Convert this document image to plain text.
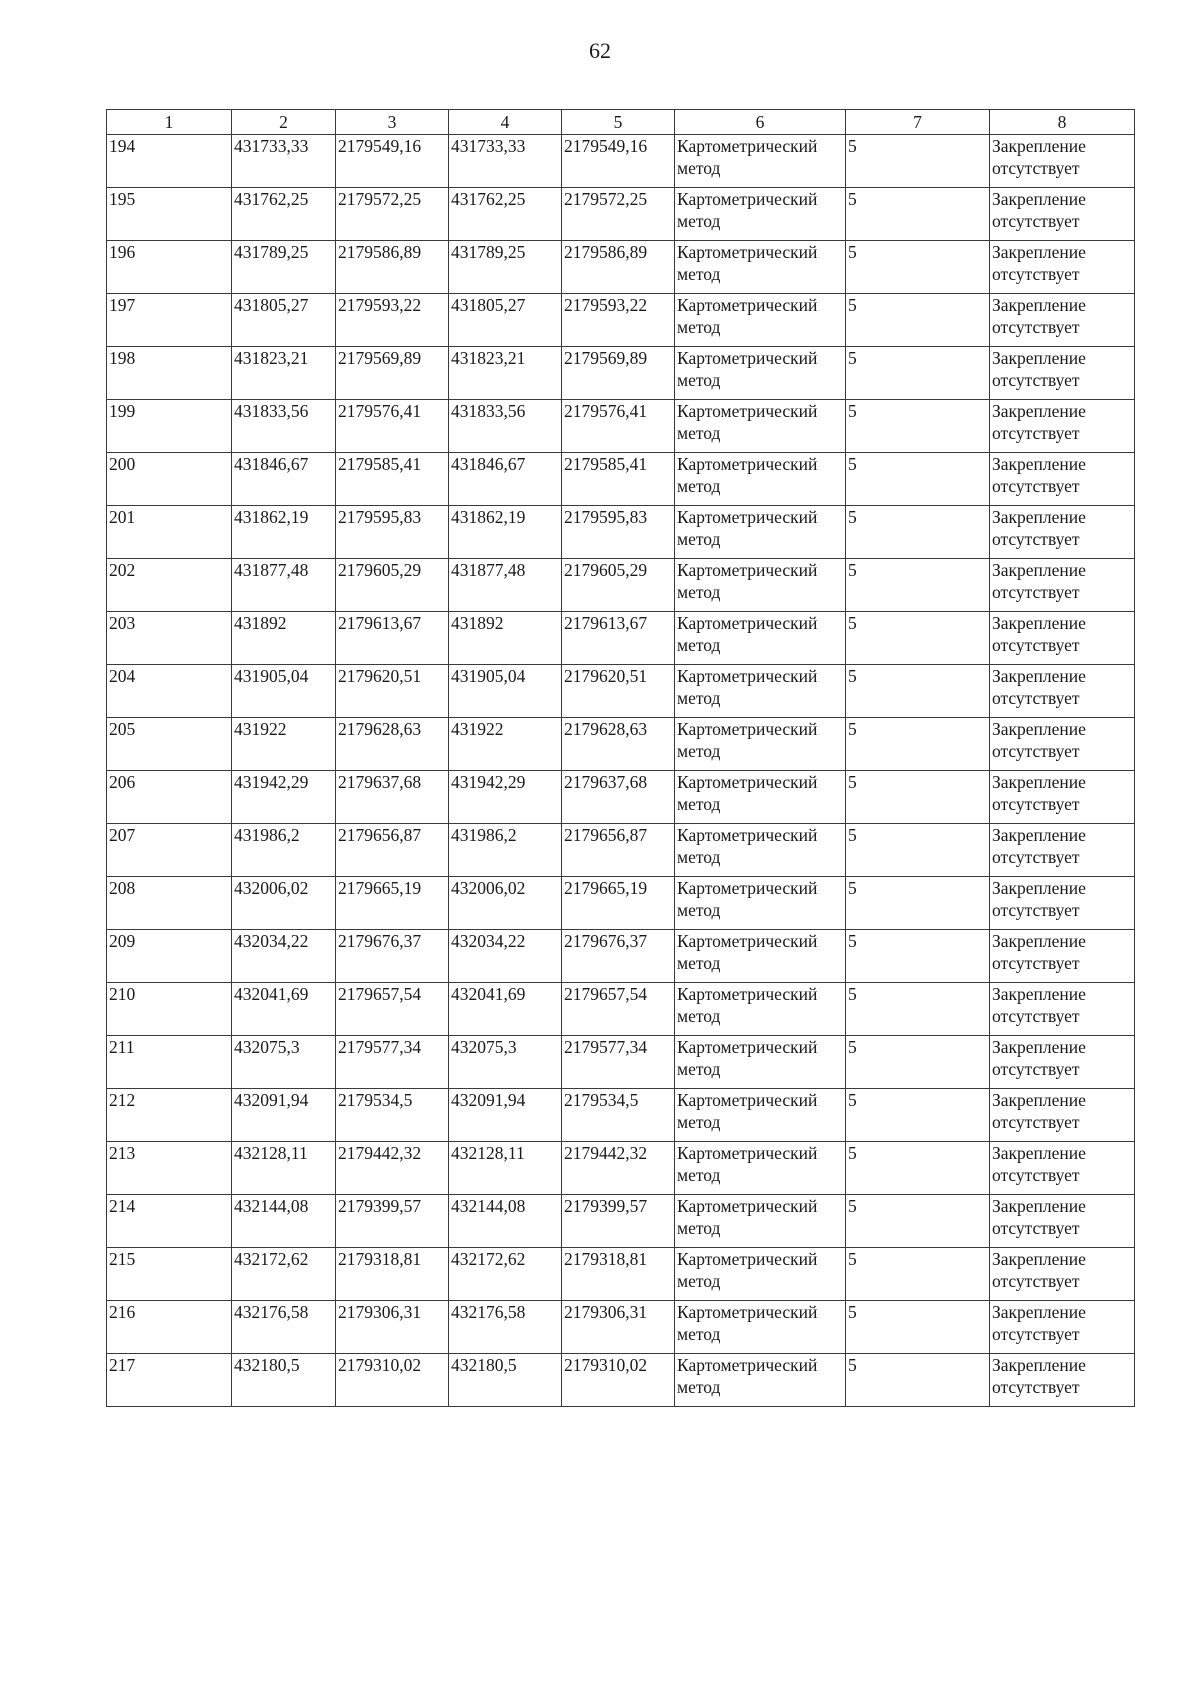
62
1	2	3	4	5	6	7	8
194	431733,33	2179549,16	431733,33	2179549,16	Картометрический метод	5	Закрепление отсутствует
195	431762,25	2179572,25	431762,25	2179572,25	Картометрический метод	5	Закрепление отсутствует
196	431789,25	2179586,89	431789,25	2179586,89	Картометрический метод	5	Закрепление отсутствует
197	431805,27	2179593,22	431805,27	2179593,22	Картометрический метод	5	Закрепление отсутствует
198	431823,21	2179569,89	431823,21	2179569,89	Картометрический метод	5	Закрепление отсутствует
199	431833,56	2179576,41	431833,56	2179576,41	Картометрический метод	5	Закрепление отсутствует
200	431846,67	2179585,41	431846,67	2179585,41	Картометрический метод	5	Закрепление отсутствует
201	431862,19	2179595,83	431862,19	2179595,83	Картометрический метод	5	Закрепление отсутствует
202	431877,48	2179605,29	431877,48	2179605,29	Картометрический метод	5	Закрепление отсутствует
203	431892	2179613,67	431892	2179613,67	Картометрический метод	5	Закрепление отсутствует
204	431905,04	2179620,51	431905,04	2179620,51	Картометрический метод	5	Закрепление отсутствует
205	431922	2179628,63	431922	2179628,63	Картометрический метод	5	Закрепление отсутствует
206	431942,29	2179637,68	431942,29	2179637,68	Картометрический метод	5	Закрепление отсутствует
207	431986,2	2179656,87	431986,2	2179656,87	Картометрический метод	5	Закрепление отсутствует
208	432006,02	2179665,19	432006,02	2179665,19	Картометрический метод	5	Закрепление отсутствует
209	432034,22	2179676,37	432034,22	2179676,37	Картометрический метод	5	Закрепление отсутствует
210	432041,69	2179657,54	432041,69	2179657,54	Картометрический метод	5	Закрепление отсутствует
211	432075,3	2179577,34	432075,3	2179577,34	Картометрический метод	5	Закрепление отсутствует
212	432091,94	2179534,5	432091,94	2179534,5	Картометрический метод	5	Закрепление отсутствует
213	432128,11	2179442,32	432128,11	2179442,32	Картометрический метод	5	Закрепление отсутствует
214	432144,08	2179399,57	432144,08	2179399,57	Картометрический метод	5	Закрепление отсутствует
215	432172,62	2179318,81	432172,62	2179318,81	Картометрический метод	5	Закрепление отсутствует
216	432176,58	2179306,31	432176,58	2179306,31	Картометрический метод	5	Закрепление отсутствует
217	432180,5	2179310,02	432180,5	2179310,02	Картометрический метод	5	Закрепление отсутствует
